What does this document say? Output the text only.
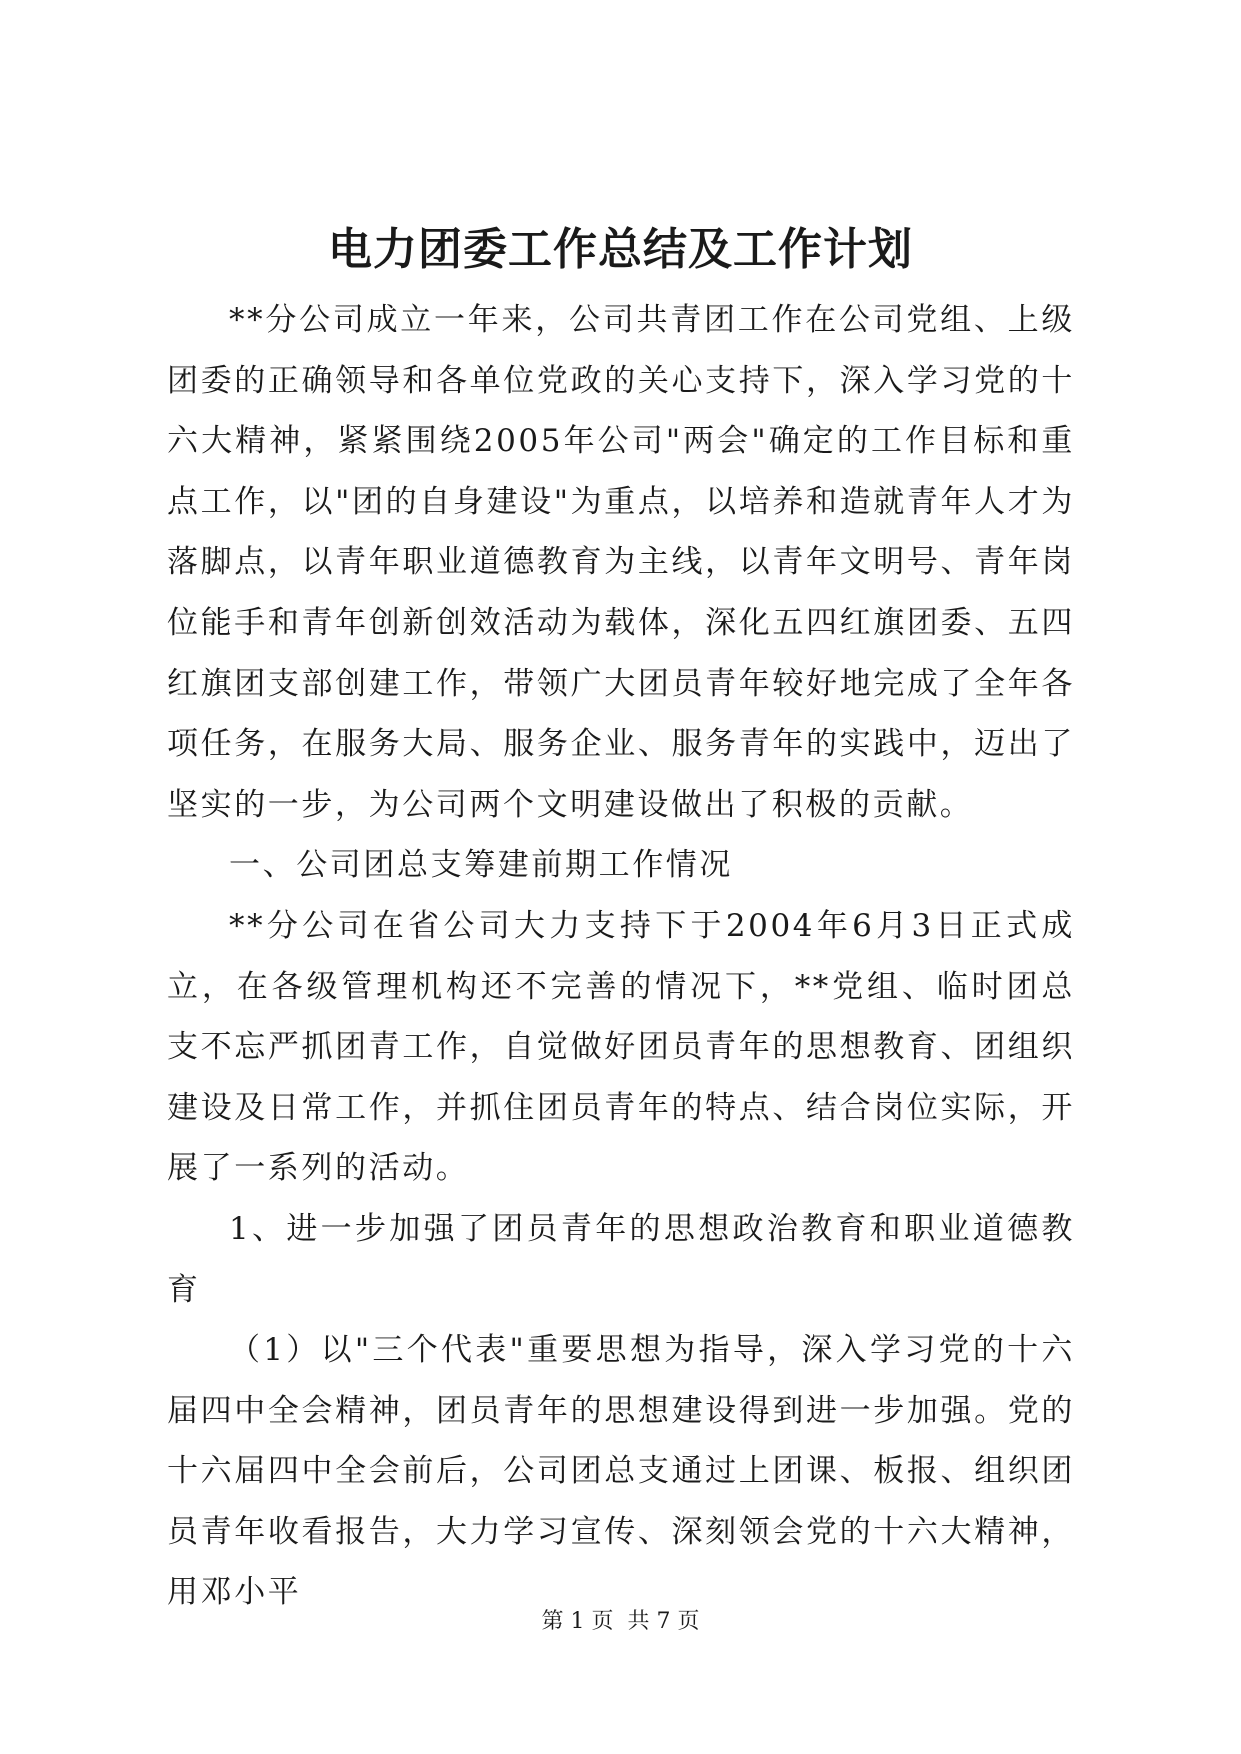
电力团委工作总结及工作计划

**分公司成立一年来，公司共青团工作在公司党组、上级团委的正确领导和各单位党政的关心支持下，深入学习党的十六大精神，紧紧围绕2005年公司"两会"确定的工作目标和重点工作，以"团的自身建设"为重点，以培养和造就青年人才为落脚点，以青年职业道德教育为主线，以青年文明号、青年岗位能手和青年创新创效活动为载体，深化五四红旗团委、五四红旗团支部创建工作，带领广大团员青年较好地完成了全年各项任务，在服务大局、服务企业、服务青年的实践中，迈出了坚实的一步，为公司两个文明建设做出了积极的贡献。

一、公司团总支筹建前期工作情况

**分公司在省公司大力支持下于2004年6月3日正式成立，在各级管理机构还不完善的情况下，**党组、临时团总支不忘严抓团青工作，自觉做好团员青年的思想教育、团组织建设及日常工作，并抓住团员青年的特点、结合岗位实际，开展了一系列的活动。

1、进一步加强了团员青年的思想政治教育和职业道德教育

（1）以"三个代表"重要思想为指导，深入学习党的十六届四中全会精神，团员青年的思想建设得到进一步加强。党的十六届四中全会前后，公司团总支通过上团课、板报、组织团员青年收看报告，大力学习宣传、深刻领会党的十六大精神，用邓小平

第 1 页 共 7 页
